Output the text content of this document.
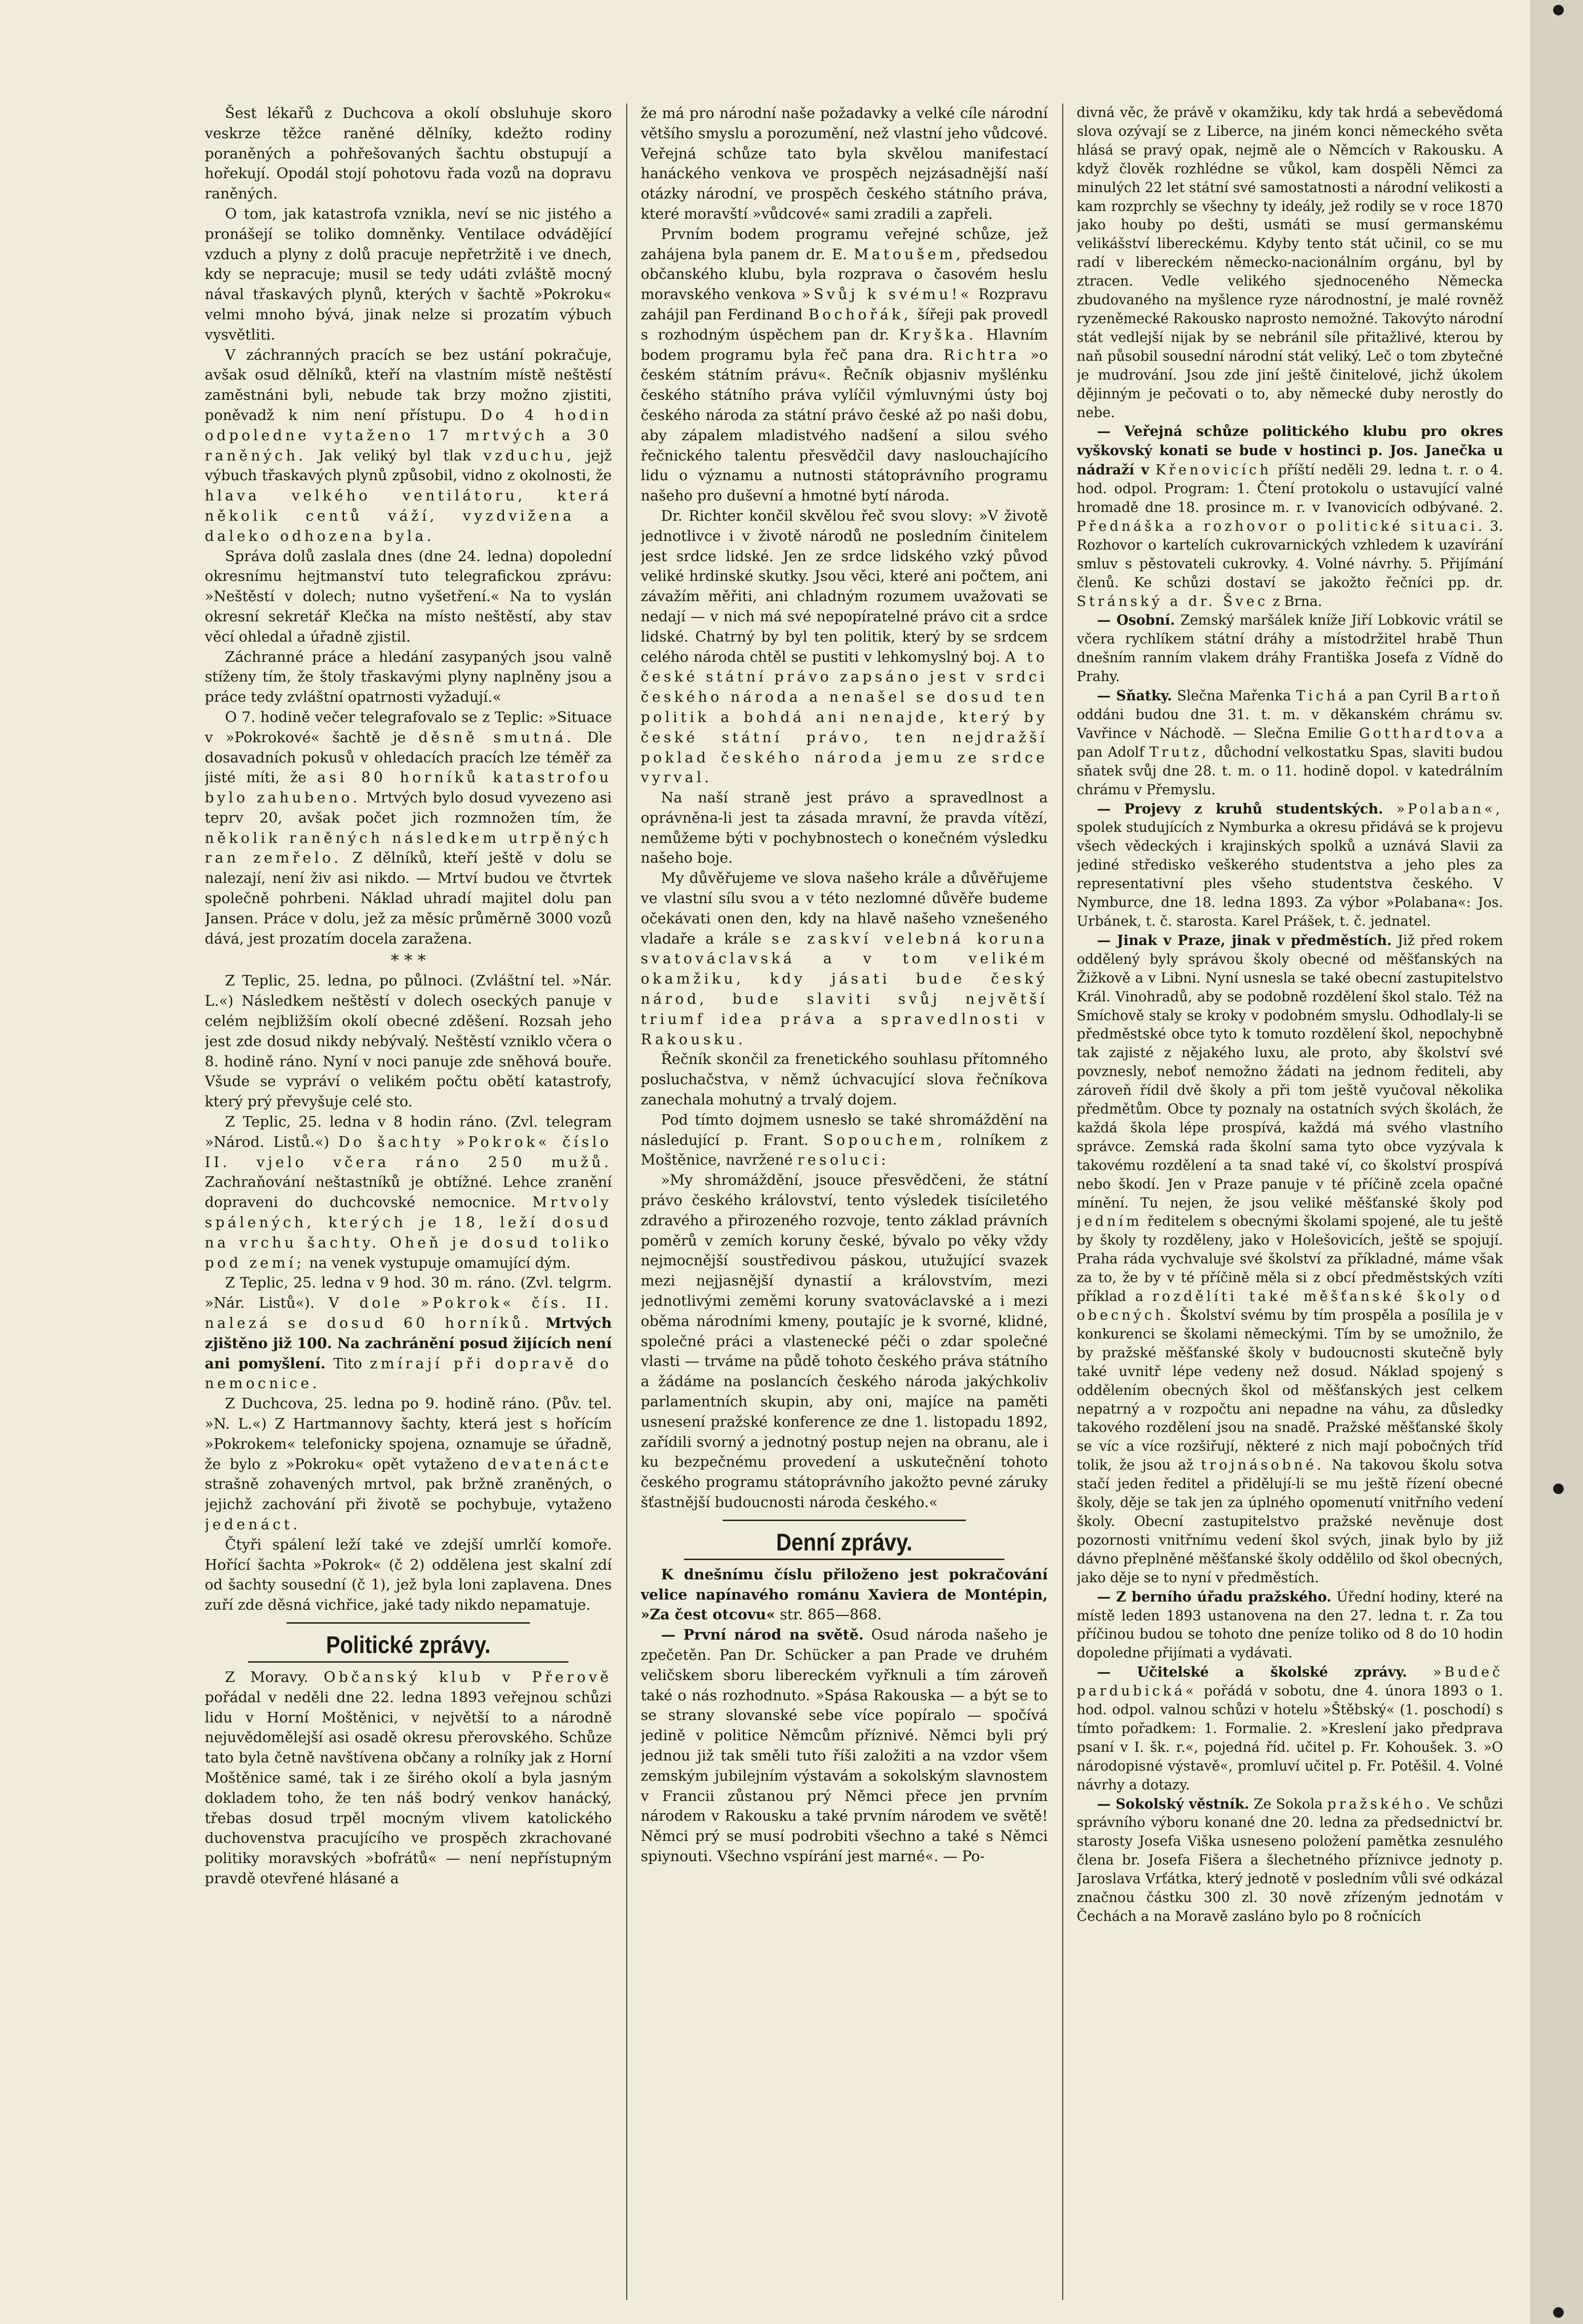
Šest lékařů z Duchcova a okolí obsluhuje skoro veskrze těžce raněné dělníky, kdežto rodiny poraněných a pohřešovaných šachtu obstupují a hořekují. Opodál stojí pohotovu řada vozů na dopravu raněných.

O tom, jak katastrofa vznikla, neví se nic jistého a pronášejí se toliko domněnky. Ventilace odvádějící vzduch a plyny z dolů pracuje nepřetržitě i ve dnech, kdy se nepracuje; musil se tedy udáti zvláště mocný nával třaskavých plynů, kterých v šachtě »Pokroku« velmi mnoho bývá, jinak nelze si prozatím výbuch vysvětliti.

V záchranných pracích se bez ustání pokračuje, avšak osud dělníků, kteří na vlastním místě neštěstí zaměstnáni byli, nebude tak brzy možno zjistiti, poněvadž k nim není přístupu. Do 4 hodin odpoledne vytaženo 17 mrtvých a 30 raněných. Jak veliký byl tlak vzduchu, jejž výbuch třaskavých plynů způsobil, vidno z okolnosti, že hlava velkého ventilátoru, která několik centů váží, vyzdvižena a daleko odhozena byla.

Správa dolů zaslala dnes (dne 24. ledna) dopolední okresnímu hejtmanství tuto telegrafickou zprávu: »Neštěstí v dolech; nutno vyšetření.« Na to vyslán okresní sekretář Klečka na místo neštěstí, aby stav věcí ohledal a úřadně zjistil.

Záchranné práce a hledání zasypaných jsou valně stíženy tím, že štoly třaskavými plyny naplněny jsou a práce tedy zvláštní opatrnosti vyžadují.«

O 7. hodině večer telegrafovalo se z Teplic: »Situace v »Pokrokové« šachtě je děsně smutná. Dle dosavadních pokusů v ohledacích pracích lze téměř za jisté míti, že asi 80 horníků katastrofou bylo zahubeno. Mrtvých bylo dosud vyvezeno asi teprv 20, avšak počet jich rozmnožen tím, že několik raněných následkem utrpěných ran zemřelo. Z dělníků, kteří ještě v dolu se nalezají, není živ asi nikdo. — Mrtví budou ve čtvrtek společně pohrbeni. Náklad uhradí majitel dolu pan Jansen. Práce v dolu, jež za měsíc průměrně 3000 vozů dává, jest prozatím docela zaražena.

* * *

Z Teplic, 25. ledna, po půlnoci. (Zvláštní tel. »Nár. L.«) Následkem neštěstí v dolech oseckých panuje v celém nejbližším okolí obecné zděšení. Rozsah jeho jest zde dosud nikdy nebývalý. Neštěstí vzniklo včera o 8. hodině ráno. Nyní v noci panuje zde sněhová bouře. Všude se vypráví o velikém počtu obětí katastrofy, který prý převyšuje celé sto.

Z Teplic, 25. ledna v 8 hodin ráno. (Zvl. telegram »Národ. Listů.«) Do šachty »Pokrok« číslo II. vjelo včera ráno 250 mužů. Zachraňování neštastníků je obtížné. Lehce zranění dopraveni do duchcovské nemocnice. Mrtvoly spálených, kterých je 18, leží dosud na vrchu šachty. Oheň je dosud toliko pod zemí; na venek vystupuje omamující dým.

Z Teplic, 25. ledna v 9 hod. 30 m. ráno. (Zvl. telgrm. »Nár. Listů«). V dole »Pokrok« čís. II. nalezá se dosud 60 horníků. Mrtvých zjištěno již 100. Na zachránění posud žijících není ani pomyšlení. Tito zmírají při dopravě do nemocnice.

Z Duchcova, 25. ledna po 9. hodině ráno. (Pův. tel. »N. L.«) Z Hartmannovy šachty, která jest s hořícím »Pokrokem« telefonicky spojena, oznamuje se úřadně, že bylo z »Pokroku« opět vytaženo devatenácte strašně zohavených mrtvol, pak bržně zraněných, o jejichž zachování při životě se pochybuje, vytaženo jedenáct.

Čtyři spálení leží také ve zdejší umrlčí komoře. Hořící šachta »Pokrok« (č 2) oddělena jest skalní zdí od šachty sousední (č 1), jež byla loni zaplavena. Dnes zuří zde děsná vichřice, jaké tady nikdo nepamatuje.

Politické zprávy.

Z Moravy. Občanský klub v Přerově pořádal v neděli dne 22. ledna 1893 veřejnou schůzi lidu v Horní Moštěnici, v největší to a národně nejuvědomělejší asi osadě okresu přerovského. Schůze tato byla četně navštívena občany a rolníky jak z Horní Moštěnice samé, tak i ze širého okolí a byla jasným dokladem toho, že ten náš bodrý venkov hanácký, třebas dosud trpěl mocným vlivem katolického duchovenstva pracujícího ve prospěch zkrachované politiky moravských »bofrátů« — není nepřístupným pravdě otevřené hlásané a

že má pro národní naše požadavky a velké cíle národní většího smyslu a porozumění, než vlastní jeho vůdcové. Veřejná schůze tato byla skvělou manifestací hanáckého venkova ve prospěch nejzásadnější naší otázky národní, ve prospěch českého státního práva, které moravští »vůdcové« sami zradili a zapřeli.

Prvním bodem programu veřejné schůze, jež zahájena byla panem dr. E. Matoušem, předsedou občanského klubu, byla rozprava o časovém heslu moravského venkova »Svůj k svému!« Rozpravu zahájil pan Ferdinand Bochořák, šířeji pak provedl s rozhodným úspěchem pan dr. Kryška. Hlavním bodem programu byla řeč pana drа. Richtra »o českém státním právu«. Řečník objasniv myšlénku českého státního práva vylíčil výmluvnými ústy boj českého národa za státní právo české až po naši dobu, aby zápalem mladistvého nadšení a silou svého řečnického talentu přesvědčil davy naslouchajícího lidu o významu a nutnosti státoprávního programu našeho pro duševní a hmotné bytí národa.

Dr. Richter končil skvělou řeč svou slovy: »V životě jednotlivce i v životě národů ne posledním činitelem jest srdce lidské. Jen ze srdce lidského vzký původ veliké hrdinské skutky. Jsou věci, které ani počtem, ani závažím měřiti, ani chladným rozumem uvažovati se nedají — v nich má své nepopíratelné právo cit a srdce lidské. Chatrný by byl ten politik, který by se srdcem celého národa chtěl se pustiti v lehkomyslný boj. A to české státní právo zapsáno jest v srdci českého národa a nenašel se dosud ten politik a bohdá ani nenajde, který by české státní právo, ten nejdražší poklad českého národa jemu ze srdce vyrval.

Na naší straně jest právo a spravedlnost a oprávněna-li jest ta zásada mravní, že pravda vítězí, nemůžeme býti v pochybnostech o konečném výsledku našeho boje.

My důvěřujeme ve slova našeho krále a důvěřujeme ve vlastní sílu svou a v této nezlomné důvěře budeme očekávati onen den, kdy na hlavě našeho vznešeného vladaře a krále se zaskví velebná koruna svatováclavská a v tom velikém okamžiku, kdy jásati bude český národ, bude slaviti svůj největší triumf idea práva a spravedlnosti v Rakousku.

Řečník skončil za frenetického souhlasu přítomného posluchačstva, v němž úchvacující slova řečníkova zanechala mohutný a trvalý dojem.

Pod tímto dojmem usnesło se také shromáždění na následující p. Frant. Sopouchem, rolníkem z Moštěnice, navržené resoluci:

»My shromáždění, jsouce přesvědčeni, že státní právo českého království, tento výsledek tisíciletého zdravého a přirozeného rozvoje, tento základ právních poměrů v zemích koruny české, bývalo po věky vždy nejmocnější soustředivou páskou, utužující svazek mezi nejjasnější dynastií a královstvím, mezi jednotlivými zeměmi koruny svatováclavské a i mezi oběma národními kmeny, poutajíc je k svorné, klidné, společné práci a vlastenecké péči o zdar společné vlasti — trváme na půdě tohoto českého práva státního a žádáme na poslancích českého národa jakýchkoliv parlamentních skupin, aby oni, majíce na paměti usnesení pražské konference ze dne 1. listopadu 1892, zařídili svorný a jednotný postup nejen na obranu, ale i ku bezpečnému provedení a uskutečnění tohoto českého programu státoprávního jakožto pevné záruky šťastnější budoucnosti národa českého.«

Denní zprávy.

K dnešnímu číslu přiloženo jest pokračování velice napínavého románu Xaviera de Montépin, »Za čest otcovu« str. 865—868.

— První národ na světě. Osud národa našeho je zpečetěn. Pan Dr. Schücker a pan Prade ve druhém veličskem sboru libereckém vyřknuli a tím zároveň také o nás rozhodnuto. »Spása Rakouska — a být se to se strany slovanské sebe více popíralo — spočívá jedině v politice Němcům příznivé. Němci byli prý jednou již tak směli tuto říši založiti a na vzdor všem zemským jubilejním výstavám a sokolským slavnostem v Francii zůstanou prý Němci přece jen prvním národem v Rakousku a také prvním národem ve světě! Němci prý se musí podrobiti všechno a také s Němci spiynouti. Všechno vspírání jest marné«. — Po-

divná věc, že právě v okamžiku, kdy tak hrdá a sebevědomá slova ozývají se z Liberce, na jiném konci německého světa hlásá se pravý opak, nejmě ale o Němcích v Rakousku. A když člověk rozhlédne se vůkol, kam dospěli Němci za minulých 22 let státní své samostatnosti a národní velikosti a kam rozprchly se všechny ty ideály, jež rodily se v roce 1870 jako houby po dešti, usmáti se musí germanskému velikášství libereckému. Kdyby tento stát učinil, co se mu radí v libereckém německo-nacionálním orgánu, byl by ztracen. Vedle velikého sjednoceného Německa zbudovaného na myšlence ryze národnostní, je malé rovněž ryzeněmecké Rakousko naprosto nemožné. Takovýto národní stát vedlejší nijak by se nebránil síle přitažlivé, kterou by naň působil sousední národní stát veliký. Leč o tom zbytečné je mudrování. Jsou zde jiní ještě činitelové, jichž úkolem dějinným je pečovati o to, aby německé duby nerostly do nebe.

— Veřejná schůze politického klubu pro okres vyškovský konati se bude v hostinci p. Jos. Janečka u nádraží v Křenovicích příští neděli 29. ledna t. r. o 4. hod. odpol. Program: 1. Čtení protokolu o ustavující valné hromadě dne 18. prosince m. r. v Ivanovicích odbývané. 2. Přednáška a rozhovor o politické situaci. 3. Rozhovor o kartelích cukrovarnických vzhledem k uzavírání smluv s pěstovateli cukrovky. 4. Volné návrhy. 5. Přijímání členů. Ke schůzi dostaví se jakožto řečníci pp. dr. Stránský a dr. Švec z Brna.

— Osobní. Zemský maršálek kníže Jiří Lobkovic vrátil se včera rychlíkem státní dráhy a místodržitel hrabě Thun dnešním ranním vlakem dráhy Františka Josefa z Vídně do Prahy.

— Sňatky. Slečna Mařenka Tichá a pan Cyril Bartoň oddáni budou dne 31. t. m. v děkanském chrámu sv. Vavřince v Náchodě. — Slečna Emilie Gotthardtova a pan Adolf Trutz, důchodní velkostatku Spas, slaviti budou sňatek svůj dne 28. t. m. o 11. hodině dopol. v katedrálním chrámu v Přemyslu.

— Projevy z kruhů studentských. »Polaban«, spolek studujících z Nymburka a okresu přidává se k projevu všech vědeckých i krajinských spolků a uznává Slavii za jediné středisko veškerého studentstva a jeho ples za representativní ples všeho studentstva českého. V Nymburce, dne 18. ledna 1893. Za výbor »Polabana«: Jos. Urbánek, t. č. starosta. Karel Prášek, t. č. jednatel.

— Jinak v Praze, jinak v předměstích. Již před rokem oddělený byly správou školy obecné od měšťanských na Žižkově a v Libni. Nyní usnesla se také obecní zastupitelstvo Král. Vinohradů, aby se podobně rozdělení škol stalo. Též na Smíchově staly se kroky v podobném smyslu. Odhodlaly-li se předměstské obce tyto k tomuto rozdělení škol, nepochybně tak zajisté z nějakého luxu, ale proto, aby školství své povznesly, neboť nemožno žádati na jednom řediteli, aby zároveň řídil dvě školy a při tom ještě vyučoval několika předmětům. Obce ty poznaly na ostatních svých školách, že každá škola lépe prospívá, každá má svého vlastního správce. Zemská rada školní sama tyto obce vyzývala k takovému rozdělení a ta snad také ví, co školství prospívá nebo škodí. Jen v Praze panuje v té příčině zcela opačné mínění. Tu nejen, že jsou veliké měšťanské školy pod jedním ředitelem s obecnými školami spojené, ale tu ještě by školy ty rozděleny, jako v Holešovicích, ještě se spojují. Praha ráda vychvaluje své školství za příkladné, máme však za to, že by v té příčině měla si z obcí předměstských vzíti příklad a rozdělíti také měšťanské školy od obecných. Školství svému by tím prospěla a posílila je v konkurenci se školami německými. Tím by se umožnilo, že by pražské měšťanské školy v budoucnosti skutečně byly také uvnitř lépe vedeny než dosud. Náklad spojený s oddělením obecných škol od měšťanských jest celkem nepatrný a v rozpočtu ani nepadne na váhu, za důsledky takového rozdělení jsou na snadě. Pražské měšťanské školy se víc a více rozšiřují, některé z nich mají pobočných tříd tolik, že jsou až trojnásobné. Na takovou školu sotva stačí jeden ředitel a přidělují-li se mu ještě řízení obecné školy, děje se tak jen za úplného opomenutí vnitřního vedení školy. Obecní zastupitelstvo pražské nevěnuje dost pozornosti vnitřnímu vedení škol svých, jinak bylo by již dávno přeplněné měšťanské školy oddělilo od škol obecných, jako děje se to nyní v předměstích.

— Z berního úřadu pražského. Úřední hodiny, které na místě leden 1893 ustanovena na den 27. ledna t. r. Za tou příčinou budou se tohoto dne peníze toliko od 8 do 10 hodin dopoledne přijímati a vydávati.

— Učitelské a školské zprávy. »Budeč pardubická« pořádá v sobotu, dne 4. února 1893 o 1. hod. odpol. valnou schůzi v hotelu »Štěbský« (1. poschodí) s tímto pořadkem: 1. Formalie. 2. »Kreslení jako předprava psaní v I. šk. r.«, pojedná říd. učitel p. Fr. Kohoušek. 3. »O národopisné výstavě«, promluví učitel p. Fr. Potěšil. 4. Volné návrhy a dotazy.

— Sokolský věstník. Ze Sokola pražského. Ve schůzi správního výboru konané dne 20. ledna za předsednictví br. starosty Josefa Viška usneseno položení pamětka zesnulého člena br. Josefa Fišera a šlechetného příznivce jednoty p. Jaroslava Vrťátka, který jednotě v posledním vůli své odkázal značnou částku 300 zl. 30 nově zřízeným jednotám v Čechách a na Moravě zasláno bylo po 8 ročnících
